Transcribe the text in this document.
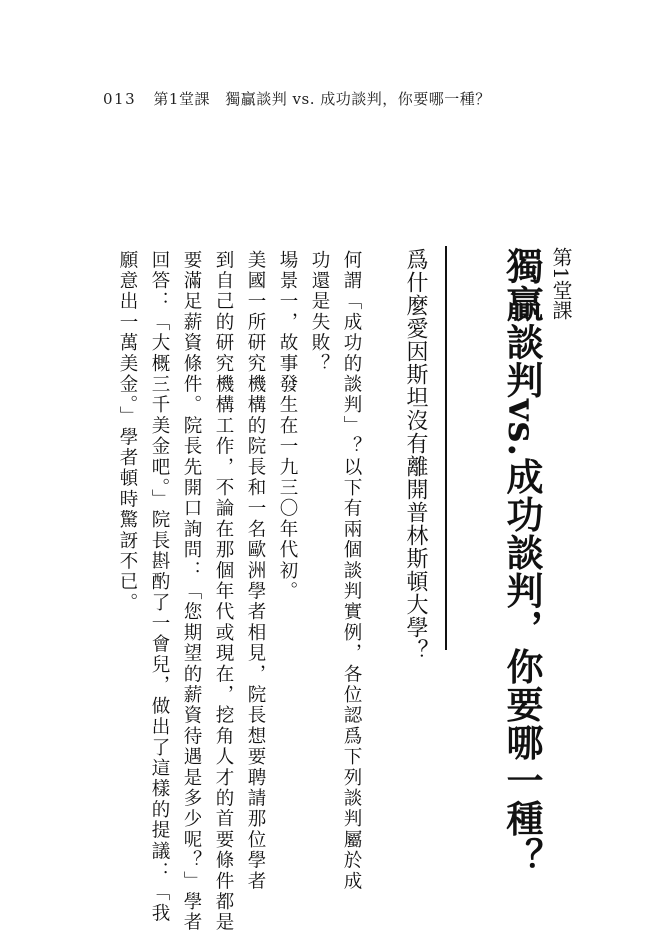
013 第1堂課 獨贏談判 vs. 成功談判，你要哪一種？
第1堂課
獨贏談判vs.成功談判，你要哪一種？
爲什麼愛因斯坦沒有離開普林斯頓大學？
何謂「成功的談判」？以下有兩個談判實例，各位認爲下列談判屬於成
功還是失敗？
場景一，故事發生在一九三〇年代初。
美國一所研究機構的院長和一名歐洲學者相見，院長想要聘請那位學者
到自己的研究機構工作，不論在那個年代或現在，挖角人才的首要條件都是
要滿足薪資條件。院長先開口詢問：「您期望的薪資待遇是多少呢？」學者
回答：「大概三千美金吧。」院長斟酌了一會兒，做出了這樣的提議：「我
願意出一萬美金。」學者頓時驚訝不已。
